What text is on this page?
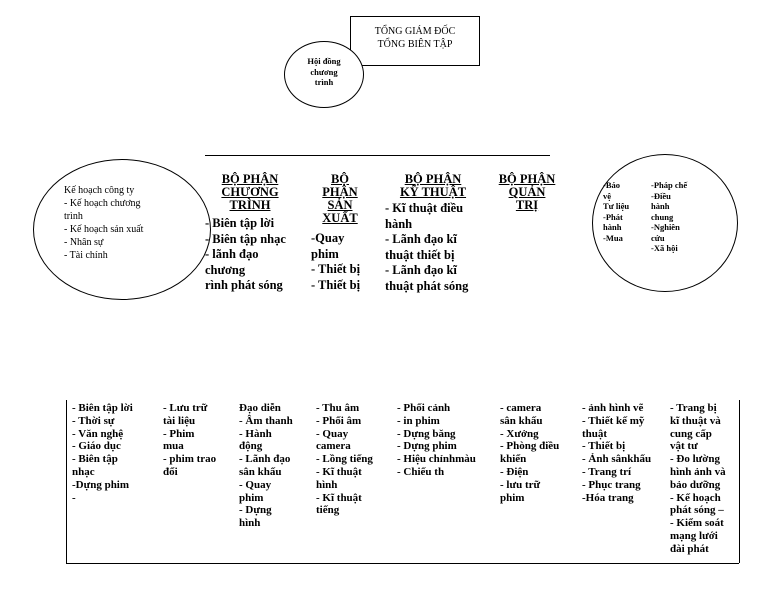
TỔNG GIÁM ĐỐC
TỔNG BIÊN TẬP
Hội đồng
chương
trình
Kế hoạch công ty
- Kế hoạch chương
trình
- Kế hoạch sản xuất
- Nhân sự
- Tài chính
-Báo
vệ
Tư liệu
-Phát
hành
-Mua
-Pháp chế
-Điều
hành
chung
-Nghiên
cứu
-Xã hội
BỘ PHẬN
CHƯƠNG
TRÌNH
- Biên tập lời
- Biên tập nhạc
- lãnh đạo
chương
rình phát sóng
BỘ
PHẬN
SẢN
XUẤT
-Quay
phim
- Thiết bị
- Thiết bị
BỘ PHẬN
KỸ THUẬT
- Kĩ thuật điều
hành
- Lãnh đạo kĩ
thuật thiết bị
- Lãnh đạo kĩ
thuật phát sóng
BỘ PHẬN
QUẢN
TRỊ
- Biên tập lời
- Thời sự
- Văn nghệ
- Giáo dục
- Biên tập
nhạc
-Dựng phim
-
- Lưu trữ
tài liệu
- Phim
mua
- phim trao
đổi
Đạo diễn
- Âm thanh
- Hành
động
- Lãnh đạo
sân khấu
- Quay
phim
- Dựng
hình
- Thu âm
- Phối âm
- Quay
camera
- Lồng tiếng
- Kĩ thuật
hình
- Kĩ thuật
tiếng
- Phối cảnh
- in phim
- Dựng băng
- Dựng phim
- Hiệu chỉnhmàu
- Chiếu th
- camera
sân khấu
- Xưởng
- Phòng điều
khiển
- Điện
- lưu trữ
phim
- ảnh hình vẽ
- Thiết kế mỹ
thuật
- Thiết bị
- Ảnh sânkhấu
- Trang trí
- Phục trang
-Hóa trang
- Trang bị
kĩ thuật và
cung cấp
vật tư
- Đo lường
hình ảnh và
bảo dưỡng
- Kế hoạch
phát sóng –
- Kiểm soát
mạng lưới
đài phát
